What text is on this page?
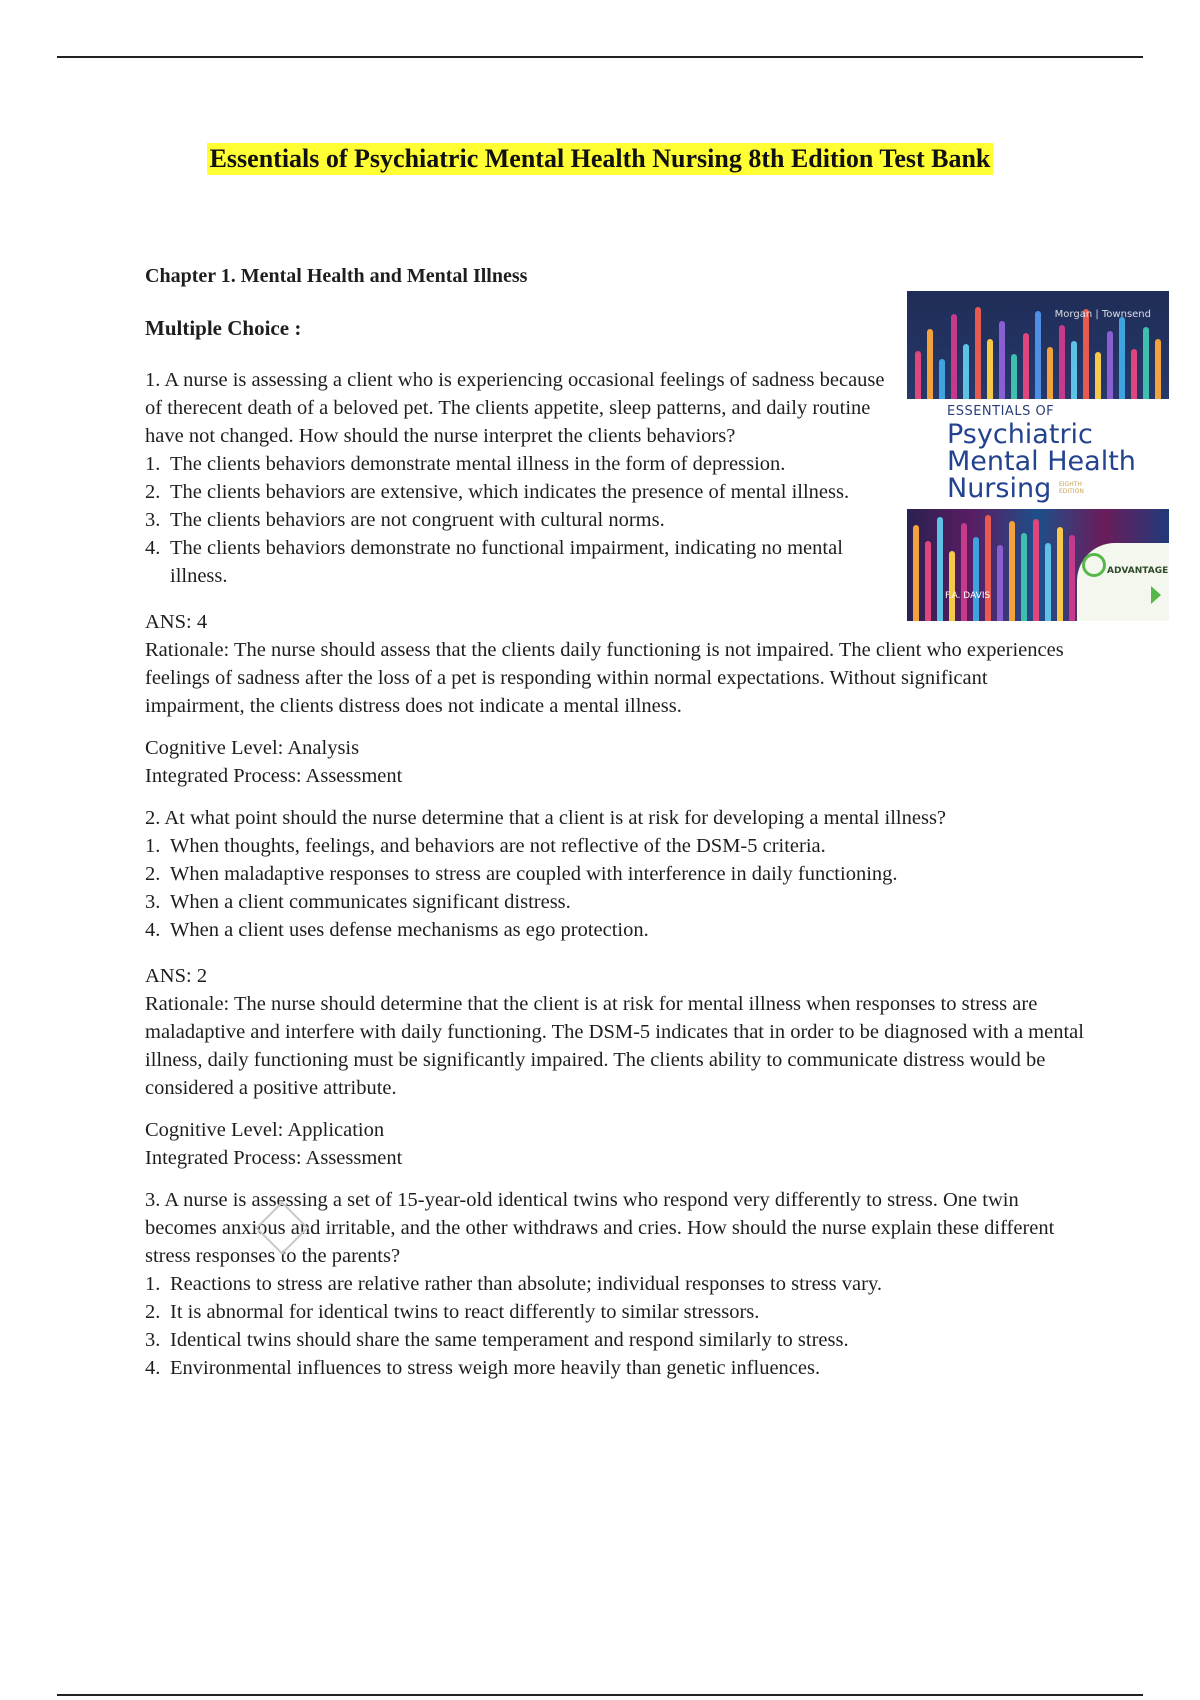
Essentials of Psychiatric Mental Health Nursing 8th Edition Test Bank
Morgan | Townsend
ESSENTIALS OF
Psychiatric
Mental Health
Nursing EIGHTH EDITION
F.A. DAVIS
ADVANTAGE

Chapter 1. Mental Health and Mental Illness

Multiple Choice :

1. A nurse is assessing a client who is experiencing occasional feelings of sadness because of therecent death of a beloved pet. The clients appetite, sleep patterns, and daily routine have not changed. How should the nurse interpret the clients behaviors?

1. The clients behaviors demonstrate mental illness in the form of depression.
2. The clients behaviors are extensive, which indicates the presence of mental illness.
3. The clients behaviors are not congruent with cultural norms.
4. The clients behaviors demonstrate no functional impairment, indicating no mental illness.

ANS: 4

Rationale: The nurse should assess that the clients daily functioning is not impaired. The client who experiences feelings of sadness after the loss of a pet is responding within normal expectations. Without significant impairment, the clients distress does not indicate a mental illness.

Cognitive Level: Analysis

Integrated Process: Assessment

2. At what point should the nurse determine that a client is at risk for developing a mental illness?

1. When thoughts, feelings, and behaviors are not reflective of the DSM-5 criteria.
2. When maladaptive responses to stress are coupled with interference in daily functioning.
3. When a client communicates significant distress.
4. When a client uses defense mechanisms as ego protection.

ANS: 2

Rationale: The nurse should determine that the client is at risk for mental illness when responses to stress are maladaptive and interfere with daily functioning. The DSM-5 indicates that in order to be diagnosed with a mental illness, daily functioning must be significantly impaired. The clients ability to communicate distress would be considered a positive attribute.

Cognitive Level: Application

Integrated Process: Assessment

3. A nurse is assessing a set of 15-year-old identical twins who respond very differently to stress. One twin becomes anxious and irritable, and the other withdraws and cries. How should the nurse explain these different stress responses to the parents?

1. Reactions to stress are relative rather than absolute; individual responses to stress vary.
2. It is abnormal for identical twins to react differently to similar stressors.
3. Identical twins should share the same temperament and respond similarly to stress.
4. Environmental influences to stress weigh more heavily than genetic influences.
